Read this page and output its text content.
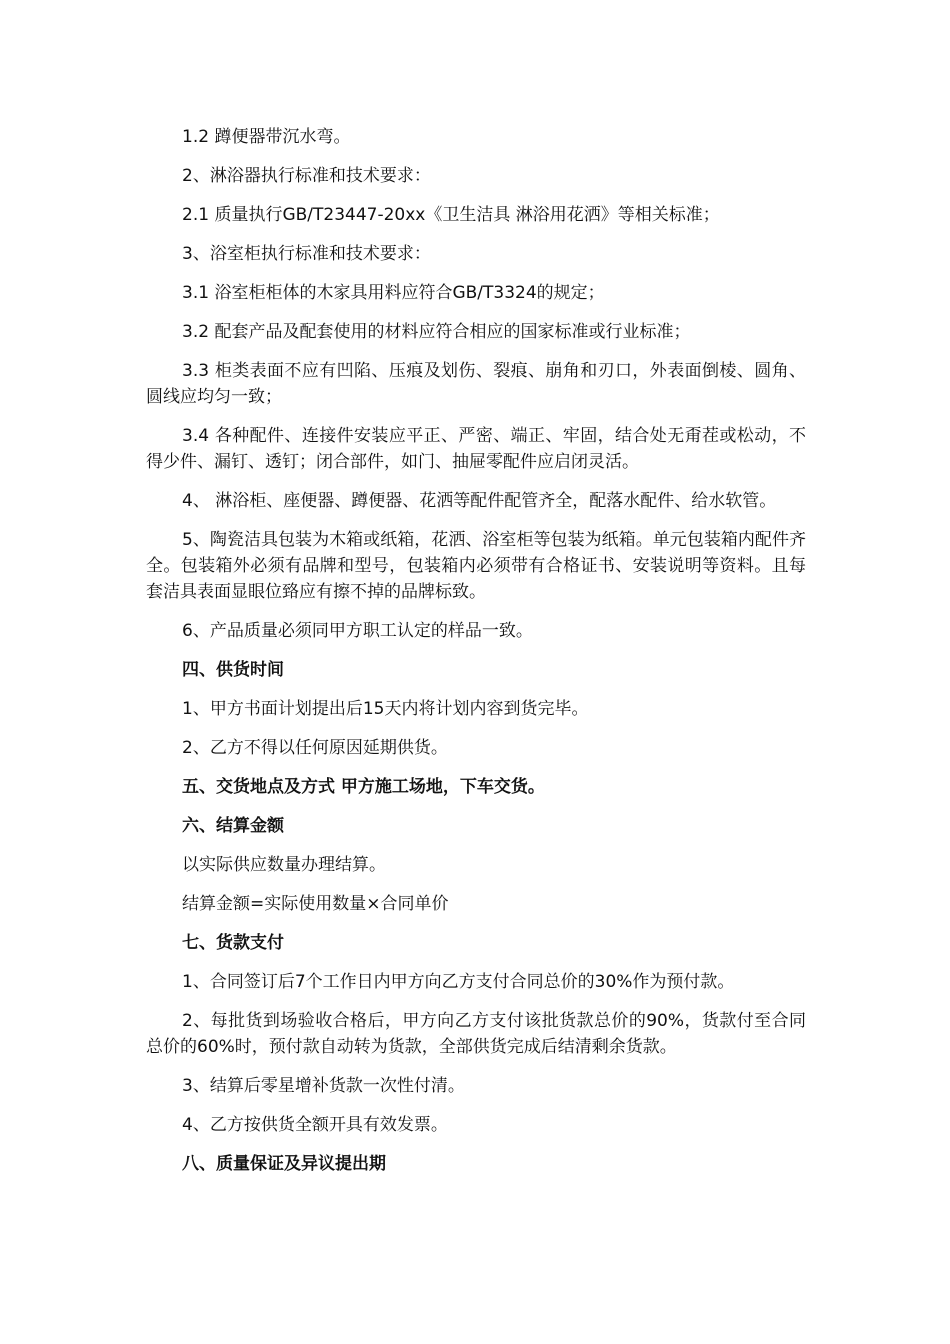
1.2 蹲便器带沉水弯。

2、淋浴器执行标准和技术要求：

2.1 质量执行GB/T23447-20xx《卫生洁具 淋浴用花洒》等相关标准；

3、浴室柜执行标准和技术要求：

3.1 浴室柜柜体的木家具用料应符合GB/T3324的规定；

3.2 配套产品及配套使用的材料应符合相应的国家标准或行业标准；

3.3 柜类表面不应有凹陷、压痕及划伤、裂痕、崩角和刃口，外表面倒棱、圆角、圆线应均匀一致；

3.4 各种配件、连接件安装应平正、严密、端正、牢固，结合处无甭茬或松动，不得少件、漏钉、透钉；闭合部件，如门、抽屉零配件应启闭灵活。

4、 淋浴柜、座便器、蹲便器、花洒等配件配管齐全，配落水配件、给水软管。

5、陶瓷洁具包装为木箱或纸箱，花洒、浴室柜等包装为纸箱。单元包装箱内配件齐全。包装箱外必须有品牌和型号，包装箱内必须带有合格证书、安装说明等资料。且每套洁具表面显眼位臵应有擦不掉的品牌标致。

6、产品质量必须同甲方职工认定的样品一致。

四、供货时间

1、甲方书面计划提出后15天内将计划内容到货完毕。

2、乙方不得以任何原因延期供货。

五、交货地点及方式 甲方施工场地，下车交货。

六、结算金额

以实际供应数量办理结算。

结算金额=实际使用数量×合同单价

七、货款支付

1、合同签订后7个工作日内甲方向乙方支付合同总价的30%作为预付款。

2、每批货到场验收合格后，甲方向乙方支付该批货款总价的90%，货款付至合同总价的60%时，预付款自动转为货款，全部供货完成后结清剩余货款。

3、结算后零星增补货款一次性付清。

4、乙方按供货全额开具有效发票。

八、质量保证及异议提出期
